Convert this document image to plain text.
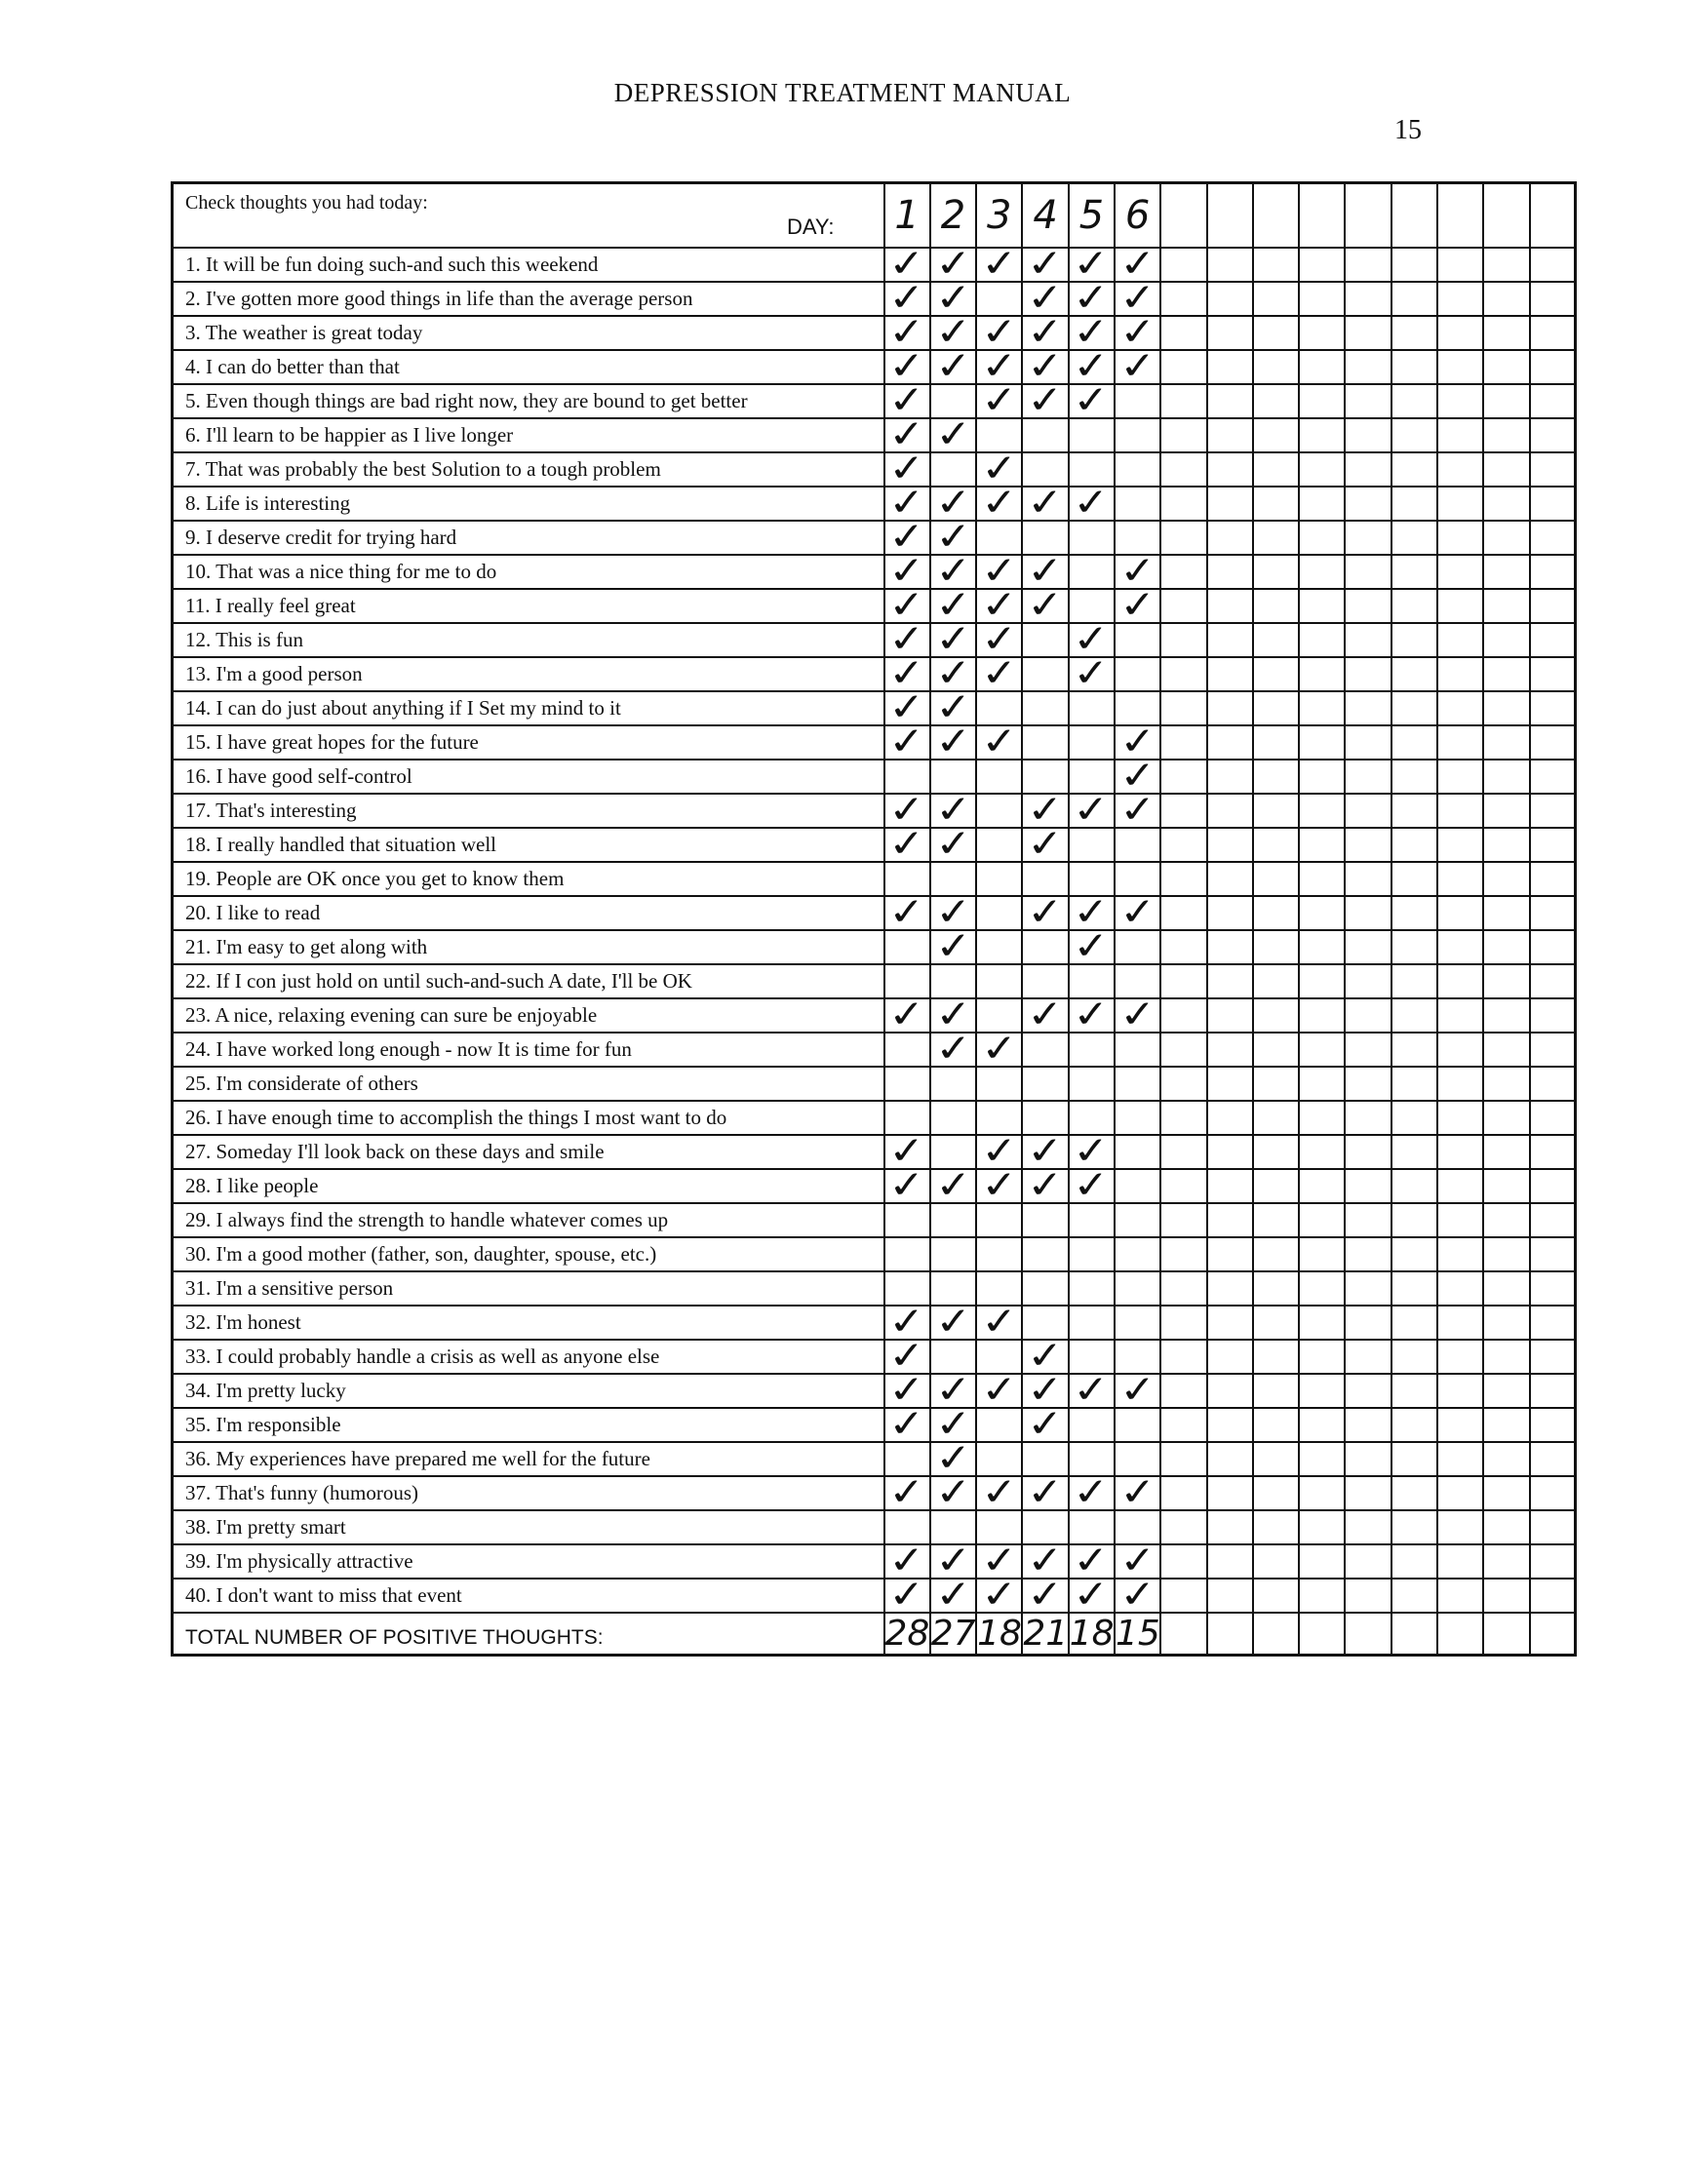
DEPRESSION TREATMENT MANUAL
15
Check thoughts you had today:
DAY:	1	2	3	4	5	6									
1. It will be fun doing such-and such this weekend	✓	✓	✓	✓	✓	✓									
2. I've gotten more good things in life than the average person	✓	✓		✓	✓	✓									
3. The weather is great today	✓	✓	✓	✓	✓	✓									
4. I can do better than that	✓	✓	✓	✓	✓	✓									
5. Even though things are bad right now, they are bound to get better	✓		✓	✓	✓										
6. I'll learn to be happier as I live longer	✓	✓													
7. That was probably the best Solution to a tough problem	✓		✓												
8. Life is interesting	✓	✓	✓	✓	✓										
9. I deserve credit for trying hard	✓	✓													
10. That was a nice thing for me to do	✓	✓	✓	✓		✓									
11. I really feel great	✓	✓	✓	✓		✓									
12. This is fun	✓	✓	✓		✓										
13. I'm a good person	✓	✓	✓		✓										
14. I can do just about anything if I Set my mind to it	✓	✓													
15. I have great hopes for the future	✓	✓	✓			✓									
16. I have good self-control						✓									
17. That's interesting	✓	✓		✓	✓	✓									
18. I really handled that situation well	✓	✓		✓											
19. People are OK once you get to know them															
20. I like to read	✓	✓		✓	✓	✓									
21. I'm easy to get along with		✓			✓										
22. If I con just hold on until such-and-such A date, I'll be OK															
23. A nice, relaxing evening can sure be enjoyable	✓	✓		✓	✓	✓									
24. I have worked long enough - now It is time for fun		✓	✓												
25. I'm considerate of others															
26. I have enough time to accomplish the things I most want to do															
27. Someday I'll look back on these days and smile	✓		✓	✓	✓										
28. I like people	✓	✓	✓	✓	✓										
29. I always find the strength to handle whatever comes up															
30. I'm a good mother (father, son, daughter, spouse, etc.)															
31. I'm a sensitive person															
32. I'm honest	✓	✓	✓												
33. I could probably handle a crisis as well as anyone else	✓			✓											
34. I'm pretty lucky	✓	✓	✓	✓	✓	✓									
35. I'm responsible	✓	✓		✓											
36. My experiences have prepared me well for the future		✓													
37. That's funny (humorous)	✓	✓	✓	✓	✓	✓									
38. I'm pretty smart															
39. I'm physically attractive	✓	✓	✓	✓	✓	✓									
40. I don't want to miss that event	✓	✓	✓	✓	✓	✓									
TOTAL NUMBER OF POSITIVE THOUGHTS:	28	27	18	21	18	15									
